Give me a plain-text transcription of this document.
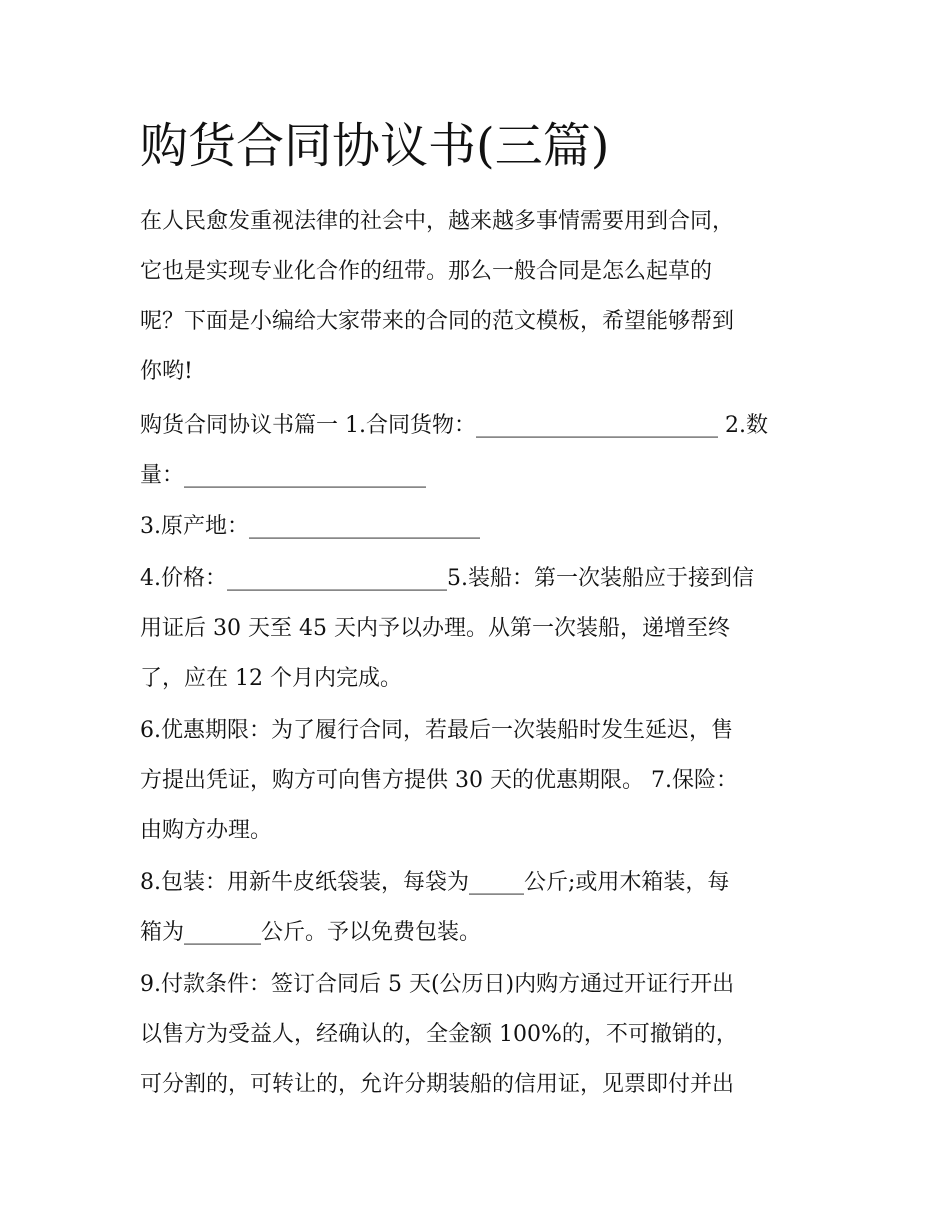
购货合同协议书(三篇)

在人民愈发重视法律的社会中，越来越多事情需要用到合同，

它也是实现专业化合作的纽带。那么一般合同是怎么起草的

呢？下面是小编给大家带来的合同的范文模板，希望能够帮到

你哟!

购货合同协议书篇一 1.合同货物：______________________ 2.数

量：______________________

3.原产地：_____________________

4.价格：____________________5.装船：第一次装船应于接到信

用证后 30 天至 45 天内予以办理。从第一次装船，递增至终

了，应在 12 个月内完成。

6.优惠期限：为了履行合同，若最后一次装船时发生延迟，售

方提出凭证，购方可向售方提供 30 天的优惠期限。 7.保险：

由购方办理。

8.包装：用新牛皮纸袋装，每袋为_____公斤;或用木箱装，每

箱为_______公斤。予以免费包装。

9.付款条件：签订合同后 5 天(公历日)内购方通过开证行开出

以售方为受益人，经确认的，全金额 100%的，不可撤销的，

可分割的，可转让的，允许分期装船的信用证，见票即付并出
